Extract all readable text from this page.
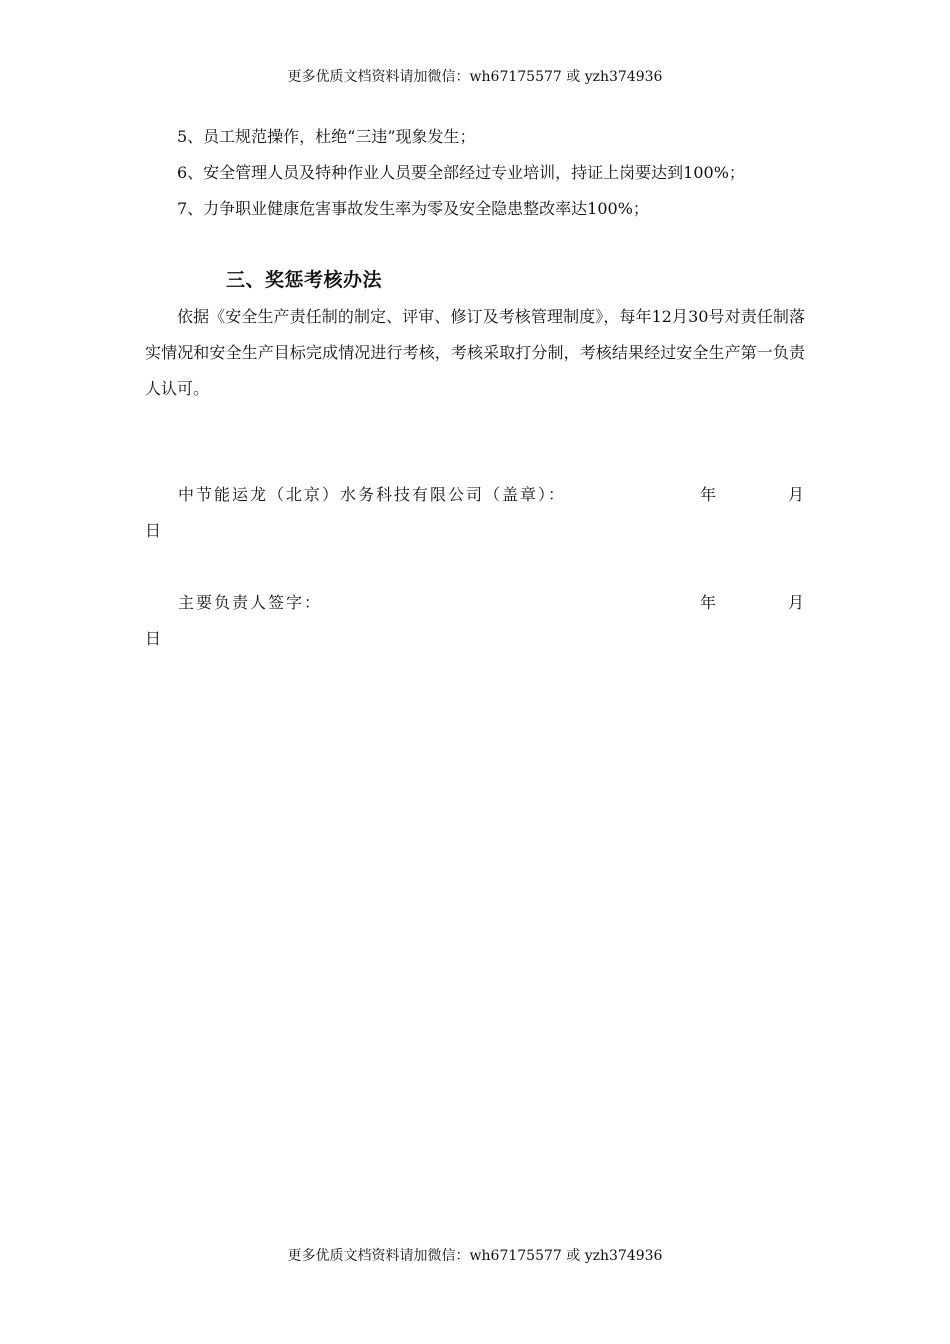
更多优质文档资料请加微信：wh67175577 或 yzh374936

5、员工规范操作，杜绝“三违”现象发生；

6、安全管理人员及特种作业人员要全部经过专业培训，持证上岗要达到100%；

7、力争职业健康危害事故发生率为零及安全隐患整改率达100%；

三、奖惩考核办法

依据《安全生产责任制的制定、评审、修订及考核管理制度》，每年12月30号对责任制落实情况和安全生产目标完成情况进行考核，考核采取打分制，考核结果经过安全生产第一负责人认可。

中节能运龙（北京）水务科技有限公司（盖章）：	年	月
日
主要负责人签字：	年	月
日
更多优质文档资料请加微信：wh67175577 或 yzh374936
